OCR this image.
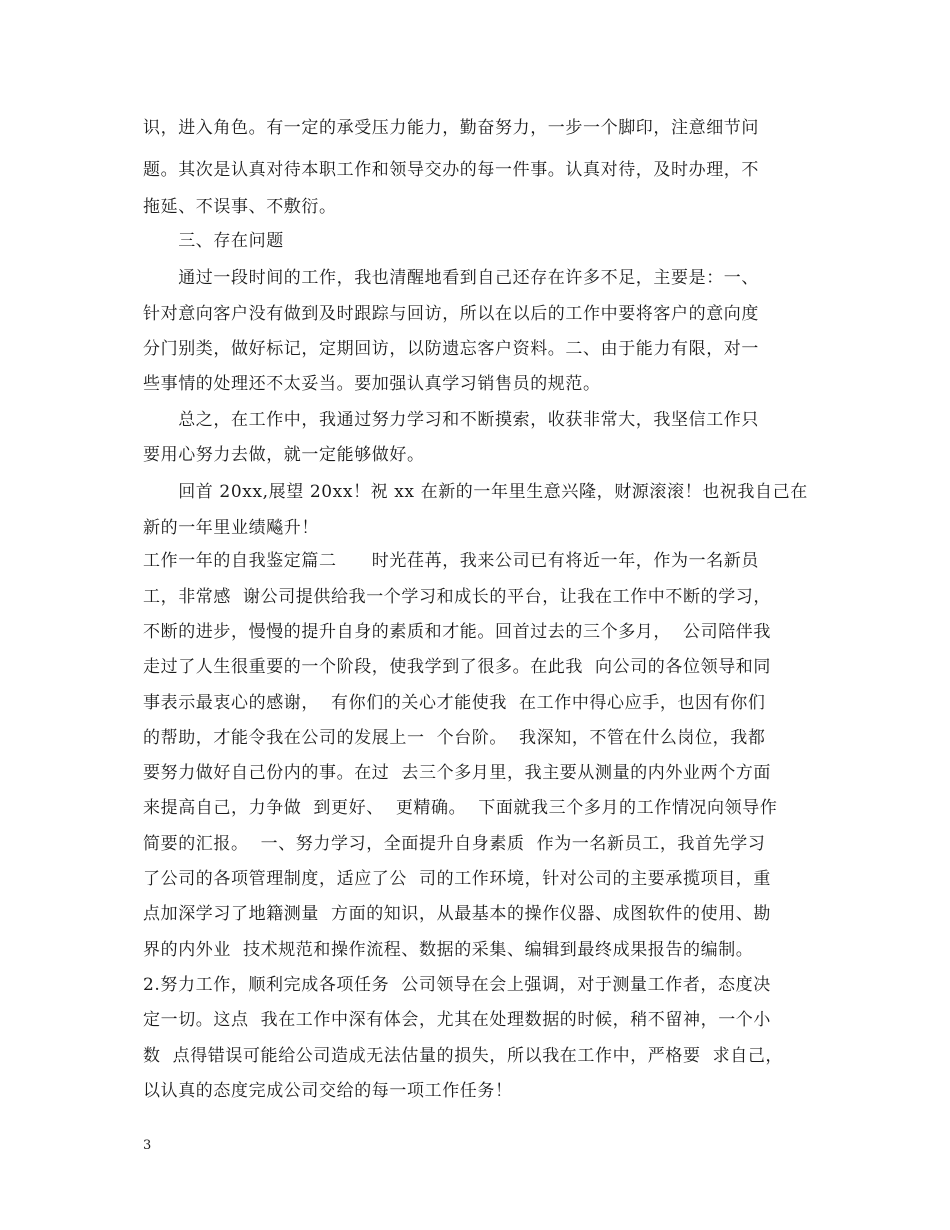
识，进入角色。有一定的承受压力能力，勤奋努力，一步一个脚印，注意细节问
题。其次是认真对待本职工作和领导交办的每一件事。认真对待，及时办理，不
拖延、不误事、不敷衍。
　　三、存在问题
　　通过一段时间的工作，我也清醒地看到自己还存在许多不足，主要是：一、
针对意向客户没有做到及时跟踪与回访，所以在以后的工作中要将客户的意向度
分门别类，做好标记，定期回访，以防遗忘客户资料。二、由于能力有限，对一
些事情的处理还不太妥当。要加强认真学习销售员的规范。
　　总之，在工作中，我通过努力学习和不断摸索，收获非常大，我坚信工作只
要用心努力去做，就一定能够做好。
　　回首 20xx,展望 20xx！祝 xx 在新的一年里生意兴隆，财源滚滚！也祝我自己在
新的一年里业绩飚升！
工作一年的自我鉴定篇二　　时光荏苒，我来公司已有将近一年，作为一名新员
工，非常感  谢公司提供给我一个学习和成长的平台，让我在工作中不断的学习，
不断的进步，慢慢的提升自身的素质和才能。回首过去的三个多月，  公司陪伴我
走过了人生很重要的一个阶段，使我学到了很多。在此我  向公司的各位领导和同
事表示最衷心的感谢，  有你们的关心才能使我  在工作中得心应手，也因有你们
的帮助，才能令我在公司的发展上一  个台阶。  我深知，不管在什么岗位，我都
要努力做好自己份内的事。在过  去三个多月里，我主要从测量的内外业两个方面
来提高自己，力争做  到更好、  更精确。  下面就我三个多月的工作情况向领导作
简要的汇报。  一、努力学习，全面提升自身素质  作为一名新员工，我首先学习
了公司的各项管理制度，适应了公  司的工作环境，针对公司的主要承揽项目，重
点加深学习了地籍测量  方面的知识，从最基本的操作仪器、成图软件的使用、勘
界的内外业  技术规范和操作流程、数据的采集、编辑到最终成果报告的编制。
2.努力工作，顺利完成各项任务  公司领导在会上强调，对于测量工作者，态度决
定一切。这点  我在工作中深有体会，尤其在处理数据的时候，稍不留神，一个小
数  点得错误可能给公司造成无法估量的损失，所以我在工作中，严格要  求自己，
以认真的态度完成公司交给的每一项工作任务！
3
